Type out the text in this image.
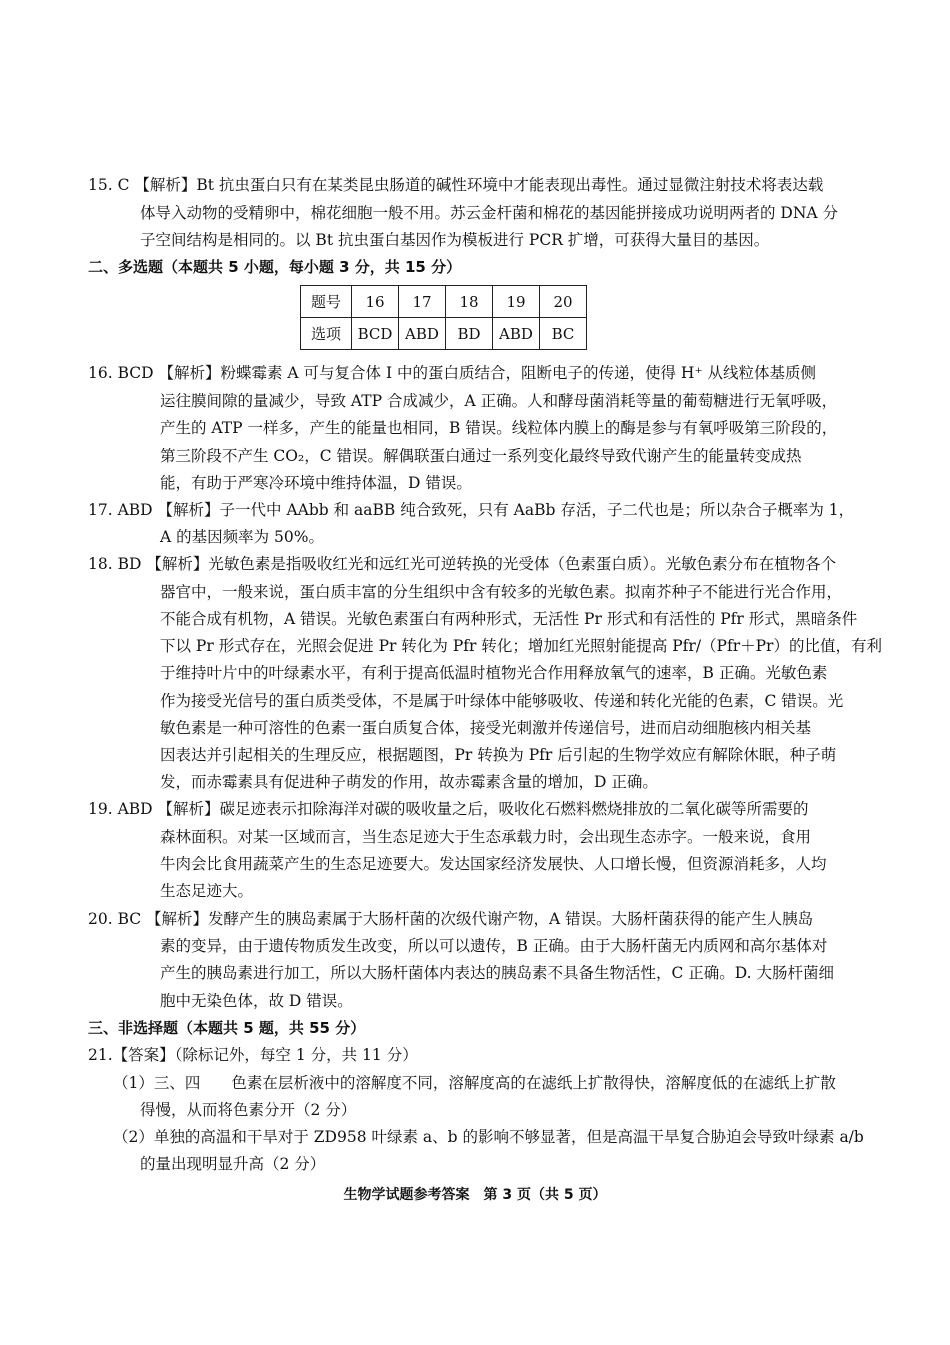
15. C 【解析】Bt 抗虫蛋白只有在某类昆虫肠道的碱性环境中才能表现出毒性。通过显微注射技术将表达载
体导入动物的受精卵中，棉花细胞一般不用。苏云金杆菌和棉花的基因能拼接成功说明两者的 DNA 分
子空间结构是相同的。以 Bt 抗虫蛋白基因作为模板进行 PCR 扩增，可获得大量目的基因。
二、多选题（本题共 5 小题，每小题 3 分，共 15 分）
题号	16	17	18	19	20
选项	BCD	ABD	BD	ABD	BC
16. BCD 【解析】粉蝶霉素 A 可与复合体 I 中的蛋白质结合，阻断电子的传递，使得 H⁺ 从线粒体基质侧
运往膜间隙的量减少，导致 ATP 合成减少，A 正确。人和酵母菌消耗等量的葡萄糖进行无氧呼吸，
产生的 ATP 一样多，产生的能量也相同，B 错误。线粒体内膜上的酶是参与有氧呼吸第三阶段的，
第三阶段不产生 CO₂，C 错误。解偶联蛋白通过一系列变化最终导致代谢产生的能量转变成热
能，有助于严寒冷环境中维持体温，D 错误。
17. ABD 【解析】子一代中 AAbb 和 aaBB 纯合致死，只有 AaBb 存活，子二代也是；所以杂合子概率为 1，
A 的基因频率为 50%。
18. BD 【解析】光敏色素是指吸收红光和远红光可逆转换的光受体（色素蛋白质）。光敏色素分布在植物各个
器官中，一般来说，蛋白质丰富的分生组织中含有较多的光敏色素。拟南芥种子不能进行光合作用，
不能合成有机物，A 错误。光敏色素蛋白有两种形式，无活性 Pr 形式和有活性的 Pfr 形式，黑暗条件
下以 Pr 形式存在，光照会促进 Pr 转化为 Pfr 转化；增加红光照射能提高 Pfr/（Pfr＋Pr）的比值，有利
于维持叶片中的叶绿素水平，有利于提高低温时植物光合作用释放氧气的速率，B 正确。光敏色素
作为接受光信号的蛋白质类受体，不是属于叶绿体中能够吸收、传递和转化光能的色素，C 错误。光
敏色素是一种可溶性的色素一蛋白质复合体，接受光刺激并传递信号，进而启动细胞核内相关基
因表达并引起相关的生理反应，根据题图，Pr 转换为 Pfr 后引起的生物学效应有解除休眠，种子萌
发，而赤霉素具有促进种子萌发的作用，故赤霉素含量的增加，D 正确。
19. ABD 【解析】碳足迹表示扣除海洋对碳的吸收量之后，吸收化石燃料燃烧排放的二氧化碳等所需要的
森林面积。对某一区域而言，当生态足迹大于生态承载力时，会出现生态赤字。一般来说，食用
牛肉会比食用蔬菜产生的生态足迹要大。发达国家经济发展快、人口增长慢，但资源消耗多，人均
生态足迹大。
20. BC 【解析】发酵产生的胰岛素属于大肠杆菌的次级代谢产物，A 错误。大肠杆菌获得的能产生人胰岛
素的变异，由于遗传物质发生改变，所以可以遗传，B 正确。由于大肠杆菌无内质网和高尔基体对
产生的胰岛素进行加工，所以大肠杆菌体内表达的胰岛素不具备生物活性，C 正确。D. 大肠杆菌细
胞中无染色体，故 D 错误。
三、非选择题（本题共 5 题，共 55 分）
21.【答案】（除标记外，每空 1 分，共 11 分）
（1）三、四　　色素在层析液中的溶解度不同，溶解度高的在滤纸上扩散得快，溶解度低的在滤纸上扩散
得慢，从而将色素分开（2 分）
（2）单独的高温和干旱对于 ZD958 叶绿素 a、b 的影响不够显著，但是高温干旱复合胁迫会导致叶绿素 a/b
的量出现明显升高（2 分）
生物学试题参考答案　第 3 页（共 5 页）
